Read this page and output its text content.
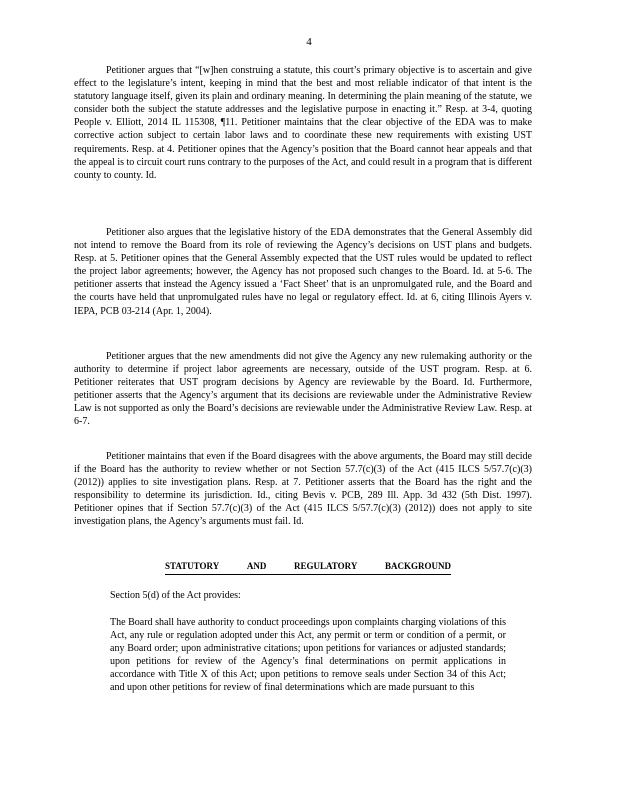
4

Petitioner argues that “[w]hen construing a statute, this court’s primary objective is to ascertain and give effect to the legislature’s intent, keeping in mind that the best and most reliable indicator of that intent is the statutory language itself, given its plain and ordinary meaning. In determining the plain meaning of the statute, we consider both the subject the statute addresses and the legislative purpose in enacting it.” Resp. at 3-4, quoting People v. Elliott, 2014 IL 115308, ¶11. Petitioner maintains that the clear objective of the EDA was to make corrective action subject to certain labor laws and to coordinate these new requirements with existing UST requirements. Resp. at 4. Petitioner opines that the Agency’s position that the Board cannot hear appeals and that the appeal is to circuit court runs contrary to the purposes of the Act, and could result in a program that is different county to county. Id.

Petitioner also argues that the legislative history of the EDA demonstrates that the General Assembly did not intend to remove the Board from its role of reviewing the Agency’s decisions on UST plans and budgets. Resp. at 5. Petitioner opines that the General Assembly expected that the UST rules would be updated to reflect the project labor agreements; however, the Agency has not proposed such changes to the Board. Id. at 5-6. The petitioner asserts that instead the Agency issued a ‘Fact Sheet’ that is an unpromulgated rule, and the Board and the courts have held that unpromulgated rules have no legal or regulatory effect. Id. at 6, citing Illinois Ayers v. IEPA, PCB 03-214 (Apr. 1, 2004).

Petitioner argues that the new amendments did not give the Agency any new rulemaking authority or the authority to determine if project labor agreements are necessary, outside of the UST program. Resp. at 6. Petitioner reiterates that UST program decisions by Agency are reviewable by the Board. Id. Furthermore, petitioner asserts that the Agency’s argument that its decisions are reviewable under the Administrative Review Law is not supported as only the Board’s decisions are reviewable under the Administrative Review Law. Resp. at 6-7.

Petitioner maintains that even if the Board disagrees with the above arguments, the Board may still decide if the Board has the authority to review whether or not Section 57.7(c)(3) of the Act (415 ILCS 5/57.7(c)(3) (2012)) applies to site investigation plans. Resp. at 7. Petitioner asserts that the Board has the right and the responsibility to determine its jurisdiction. Id., citing Bevis v. PCB, 289 Ill. App. 3d 432 (5th Dist. 1997). Petitioner opines that if Section 57.7(c)(3) of the Act (415 ILCS 5/57.7(c)(3) (2012)) does not apply to site investigation plans, the Agency’s arguments must fail. Id.

STATUTORY	AND	REGULATORY	BACKGROUND
Section 5(d) of the Act provides:

The Board shall have authority to conduct proceedings upon complaints charging violations of this Act, any rule or regulation adopted under this Act, any permit or term or condition of a permit, or any Board order; upon administrative citations; upon petitions for variances or adjusted standards; upon petitions for review of the Agency’s final determinations on permit applications in accordance with Title X of this Act; upon petitions to remove seals under Section 34 of this Act; and upon other petitions for review of final determinations which are made pursuant to this
